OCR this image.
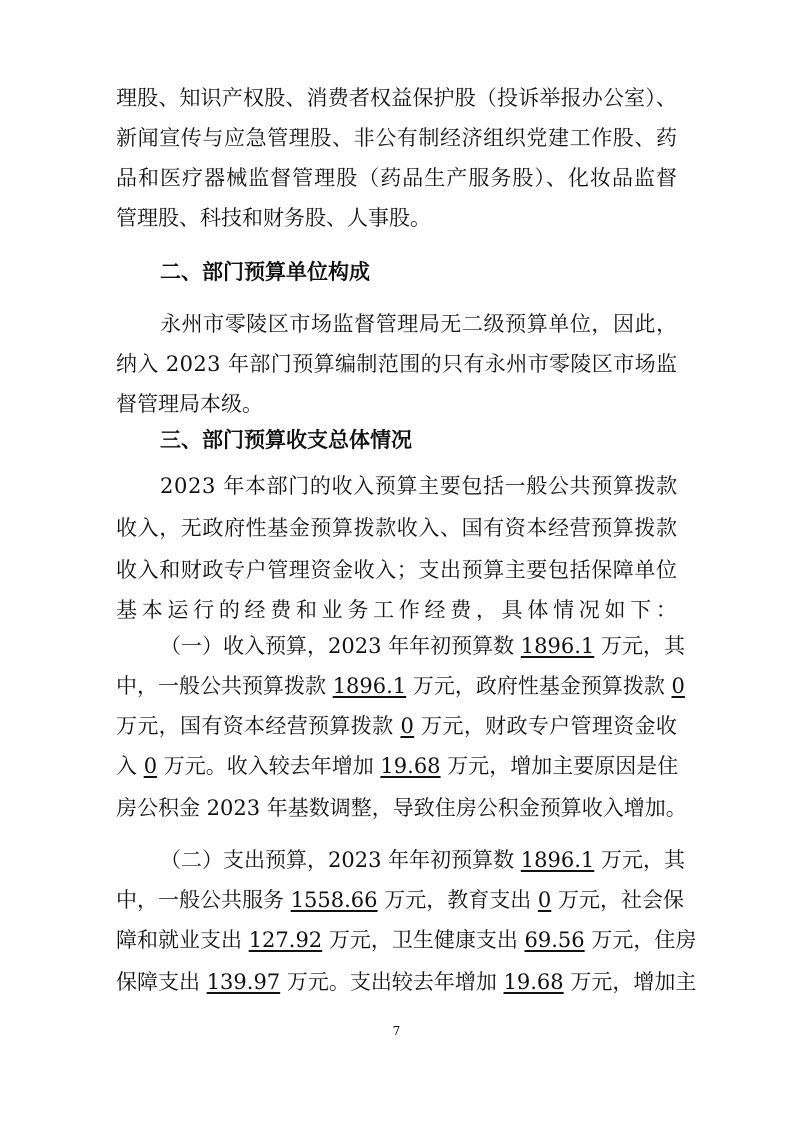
理股、知识产权股、消费者权益保护股（投诉举报办公室）、
新闻宣传与应急管理股、非公有制经济组织党建工作股、药
品和医疗器械监督管理股（药品生产服务股）、化妆品监督
管理股、科技和财务股、人事股。
二、部门预算单位构成
永州市零陵区市场监督管理局无二级预算单位，因此，
纳入 2023 年部门预算编制范围的只有永州市零陵区市场监
督管理局本级。
三、部门预算收支总体情况
2023 年本部门的收入预算主要包括一般公共预算拨款
收入，无政府性基金预算拨款收入、国有资本经营预算拨款
收入和财政专户管理资金收入；支出预算主要包括保障单位
基本运行的经费和业务工作经费，具体情况如下：
（一）收入预算，2023 年年初预算数 1896.1 万元，其
中，一般公共预算拨款 1896.1 万元，政府性基金预算拨款 0
万元，国有资本经营预算拨款 0 万元，财政专户管理资金收
入 0 万元。收入较去年增加 19.68 万元，增加主要原因是住
房公积金 2023 年基数调整，导致住房公积金预算收入增加。
（二）支出预算，2023 年年初预算数 1896.1 万元，其
中，一般公共服务 1558.66 万元，教育支出 0 万元，社会保
障和就业支出 127.92 万元，卫生健康支出 69.56 万元，住房
保障支出 139.97 万元。支出较去年增加 19.68 万元，增加主
7
